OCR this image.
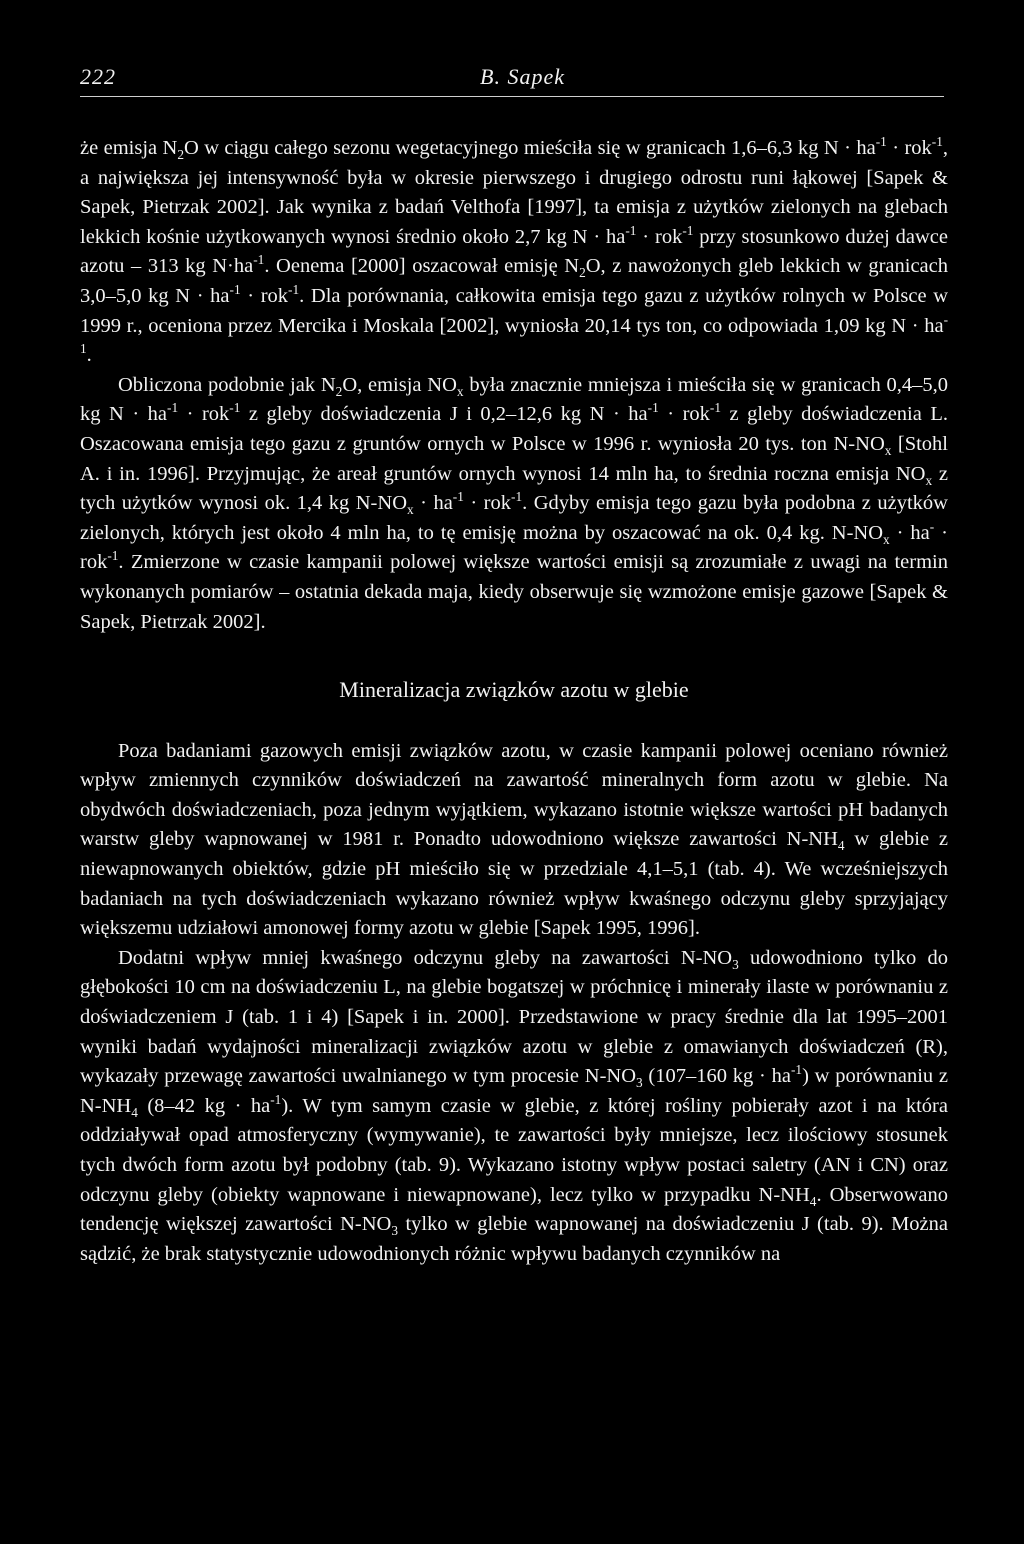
222	B. Sapek

że emisja $N_2O$ w ciągu całego sezonu wegetacyjnego mieściła się w granicach 1,6–6,3 kg $N \cdot ha^{-1} \cdot rok^{-1}$, a największa jej intensywność była w okresie pierwszego i drugiego odrostu runi łąkowej [Sapek & Sapek, Pietrzak 2002]. Jak wynika z badań Velthofa [1997], ta emisja z użytków zielonych na glebach lekkich kośnie użytkowanych wynosi średnio około 2,7 kg $N \cdot ha^{-1} \cdot rok^{-1}$ przy stosunkowo dużej dawce azotu – 313 kg $N\cdot ha^{-1}$. Oenema [2000] oszacował emisję $N_2O$, z nawożonych gleb lekkich w granicach 3,0–5,0 kg $N \cdot ha^{-1} \cdot rok^{-1}$. Dla porównania, całkowita emisja tego gazu z użytków rolnych w Polsce w 1999 r., oceniona przez Mercika i Moskala [2002], wyniosła 20,14 tys ton, co odpowiada 1,09 kg $N \cdot ha^{-1}$.

Obliczona podobnie jak $N_2O$, emisja $NO_x$ była znacznie mniejsza i mieściła się w granicach 0,4–5,0 kg $N \cdot ha^{-1} \cdot rok^{-1}$ z gleby doświadczenia J i 0,2–12,6 kg $N \cdot ha^{-1} \cdot rok^{-1}$ z gleby doświadczenia L. Oszacowana emisja tego gazu z gruntów ornych w Polsce w 1996 r. wyniosła 20 tys. ton $N-NO_x$ [Stohl A. i in. 1996]. Przyjmując, że areał gruntów ornych wynosi 14 mln ha, to średnia roczna emisja $NO_x$ z tych użytków wynosi ok. 1,4 kg $N-NO_x \cdot ha^{-1} \cdot rok^{-1}$. Gdyby emisja tego gazu była podobna z użytków zielonych, których jest około 4 mln ha, to tę emisję można by oszacować na ok. 0,4 kg. $N-NO_x \cdot ha^- \cdot rok^{-1}$. Zmierzone w czasie kampanii polowej większe wartości emisji są zrozumiałe z uwagi na termin wykonanych pomiarów – ostatnia dekada maja, kiedy obserwuje się wzmożone emisje gazowe [Sapek & Sapek, Pietrzak 2002].

Mineralizacja związków azotu w glebie

Poza badaniami gazowych emisji związków azotu, w czasie kampanii polowej oceniano również wpływ zmiennych czynników doświadczeń na zawartość mineralnych form azotu w glebie. Na obydwóch doświadczeniach, poza jednym wyjątkiem, wykazano istotnie większe wartości pH badanych warstw gleby wapnowanej w 1981 r. Ponadto udowodniono większe zawartości $N-NH_4$ w glebie z niewapnowanych obiektów, gdzie pH mieściło się w przedziale 4,1–5,1 (tab. 4). We wcześniejszych badaniach na tych doświadczeniach wykazano również wpływ kwaśnego odczynu gleby sprzyjający większemu udziałowi amonowej formy azotu w glebie [Sapek 1995, 1996].

Dodatni wpływ mniej kwaśnego odczynu gleby na zawartości $N-NO_3$ udowodniono tylko do głębokości 10 cm na doświadczeniu L, na glebie bogatszej w próchnicę i minerały ilaste w porównaniu z doświadczeniem J (tab. 1 i 4) [Sapek i in. 2000]. Przedstawione w pracy średnie dla lat 1995–2001 wyniki badań wydajności mineralizacji związków azotu w glebie z omawianych doświadczeń (R), wykazały przewagę zawartości uwalnianego w tym procesie $N-NO_3$ (107–160 kg · $ha^{-1}$) w porównaniu z $N-NH_4$ (8–42 kg · $ha^{-1}$). W tym samym czasie w glebie, z której rośliny pobierały azot i na która oddziaływał opad atmosferyczny (wymywanie), te zawartości były mniejsze, lecz ilościowy stosunek tych dwóch form azotu był podobny (tab. 9). Wykazano istotny wpływ postaci saletry (AN i CN) oraz odczynu gleby (obiekty wapnowane i niewapnowane), lecz tylko w przypadku $N-NH_4$. Obserwowano tendencję większej zawartości $N-NO_3$ tylko w glebie wapnowanej na doświadczeniu J (tab. 9). Można sądzić, że brak statystycznie udowodnionych różnic wpływu badanych czynników na
